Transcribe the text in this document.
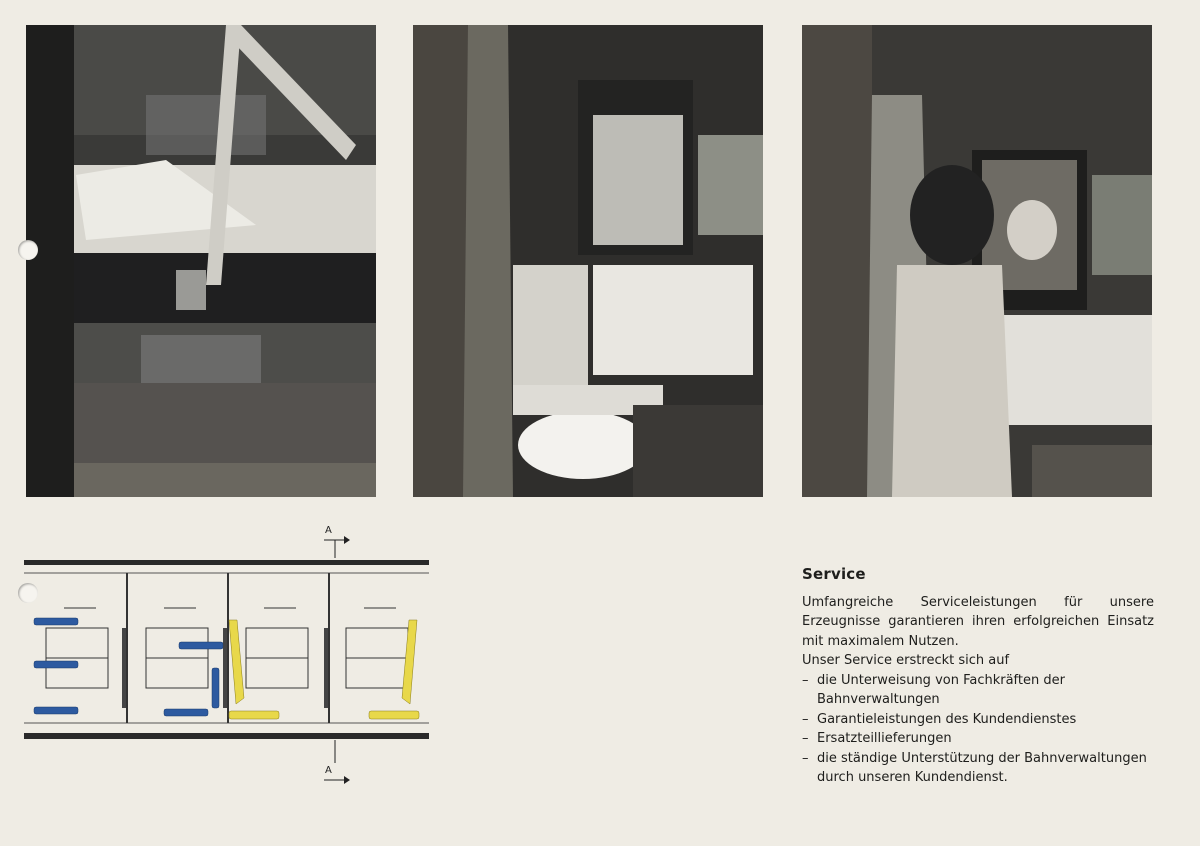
A
A
Service

Umfangreiche Serviceleistungen für unsere Erzeugnisse garantieren ihren erfolgreichen Einsatz mit maximalem Nutzen.

Unser Service erstreckt sich auf
– die Unterweisung von Fachkräften der Bahnverwaltungen
– Garantieleistungen des Kundendienstes
– Ersatzteillieferungen
– die ständige Unterstützung der Bahnverwaltungen durch unseren Kundendienst.
